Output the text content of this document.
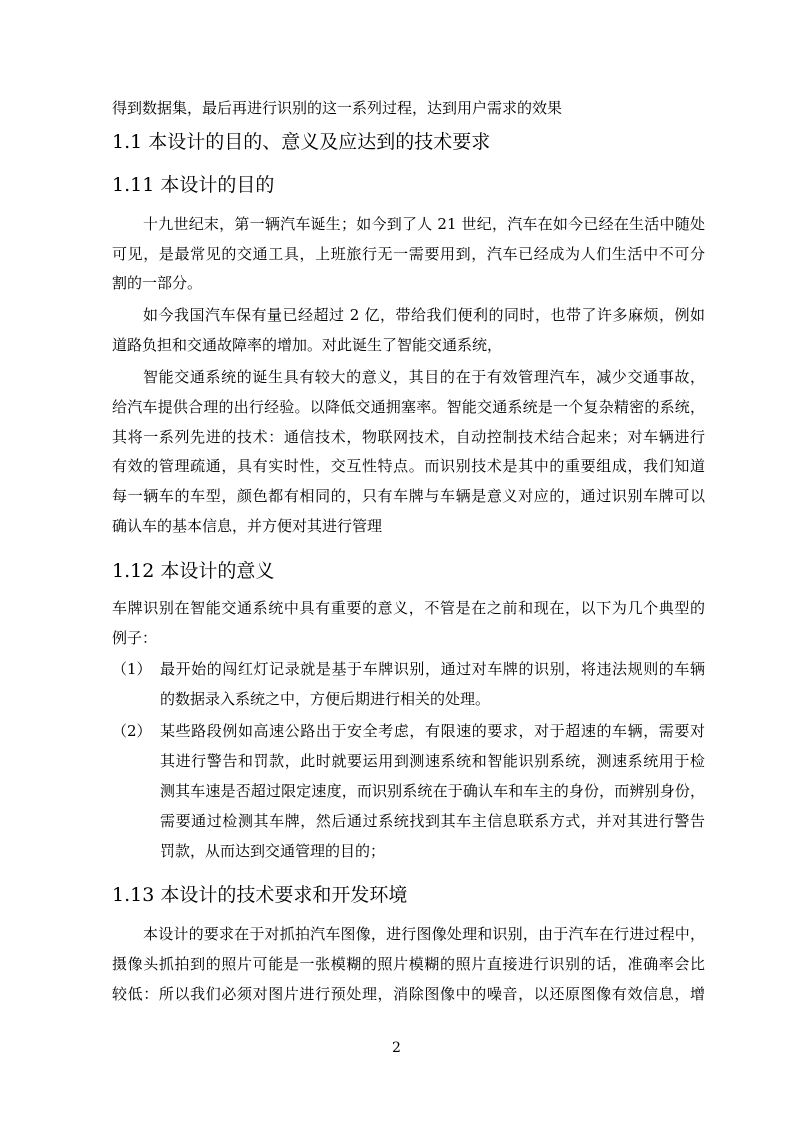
得到数据集，最后再进行识别的这一系列过程，达到用户需求的效果

1.1 本设计的目的、意义及应达到的技术要求

1.11 本设计的目的

十九世纪末，第一辆汽车诞生；如今到了人 21 世纪，汽车在如今已经在生活中随处

可见，是最常见的交通工具，上班旅行无一需要用到，汽车已经成为人们生活中不可分

割的一部分。

如今我国汽车保有量已经超过 2 亿，带给我们便利的同时，也带了许多麻烦，例如

道路负担和交通故障率的增加。对此诞生了智能交通系统，

智能交通系统的诞生具有较大的意义，其目的在于有效管理汽车，减少交通事故，

给汽车提供合理的出行经验。以降低交通拥塞率。智能交通系统是一个复杂精密的系统，

其将一系列先进的技术：通信技术，物联网技术，自动控制技术结合起来；对车辆进行

有效的管理疏通，具有实时性，交互性特点。而识别技术是其中的重要组成，我们知道

每一辆车的车型，颜色都有相同的，只有车牌与车辆是意义对应的，通过识别车牌可以

确认车的基本信息，并方便对其进行管理

1.12 本设计的意义

车牌识别在智能交通系统中具有重要的意义，不管是在之前和现在，以下为几个典型的

例子：

（1） 最开始的闯红灯记录就是基于车牌识别，通过对车牌的识别，将违法规则的车辆

的数据录入系统之中，方便后期进行相关的处理。

（2） 某些路段例如高速公路出于安全考虑，有限速的要求，对于超速的车辆，需要对

其进行警告和罚款，此时就要运用到测速系统和智能识别系统，测速系统用于检

测其车速是否超过限定速度，而识别系统在于确认车和车主的身份，而辨别身份，

需要通过检测其车牌，然后通过系统找到其车主信息联系方式，并对其进行警告

罚款，从而达到交通管理的目的；

1.13 本设计的技术要求和开发环境

本设计的要求在于对抓拍汽车图像，进行图像处理和识别，由于汽车在行进过程中，

摄像头抓拍到的照片可能是一张模糊的照片模糊的照片直接进行识别的话，准确率会比

较低：所以我们必须对图片进行预处理，消除图像中的噪音，以还原图像有效信息，增

2
